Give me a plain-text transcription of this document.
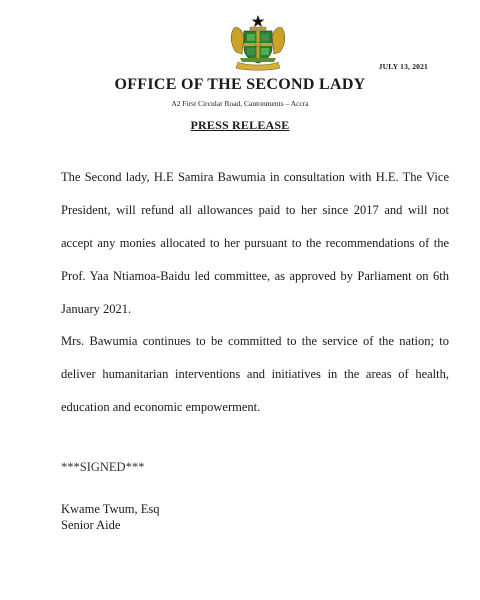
JULY 13, 2021
OFFICE OF THE SECOND LADY
A2 First Circular Road, Cantonments – Accra
PRESS RELEASE
The Second lady, H.E Samira Bawumia in consultation with H.E. The Vice President, will refund all allowances paid to her since 2017 and will not accept any monies allocated to her pursuant to the recommendations of the Prof. Yaa Ntiamoa-Baidu led committee, as approved by Parliament on 6th January 2021.
Mrs. Bawumia continues to be committed to the service of the nation; to deliver humanitarian interventions and initiatives in the areas of health, education and economic empowerment.
***SIGNED***
Kwame Twum, Esq
Senior Aide
